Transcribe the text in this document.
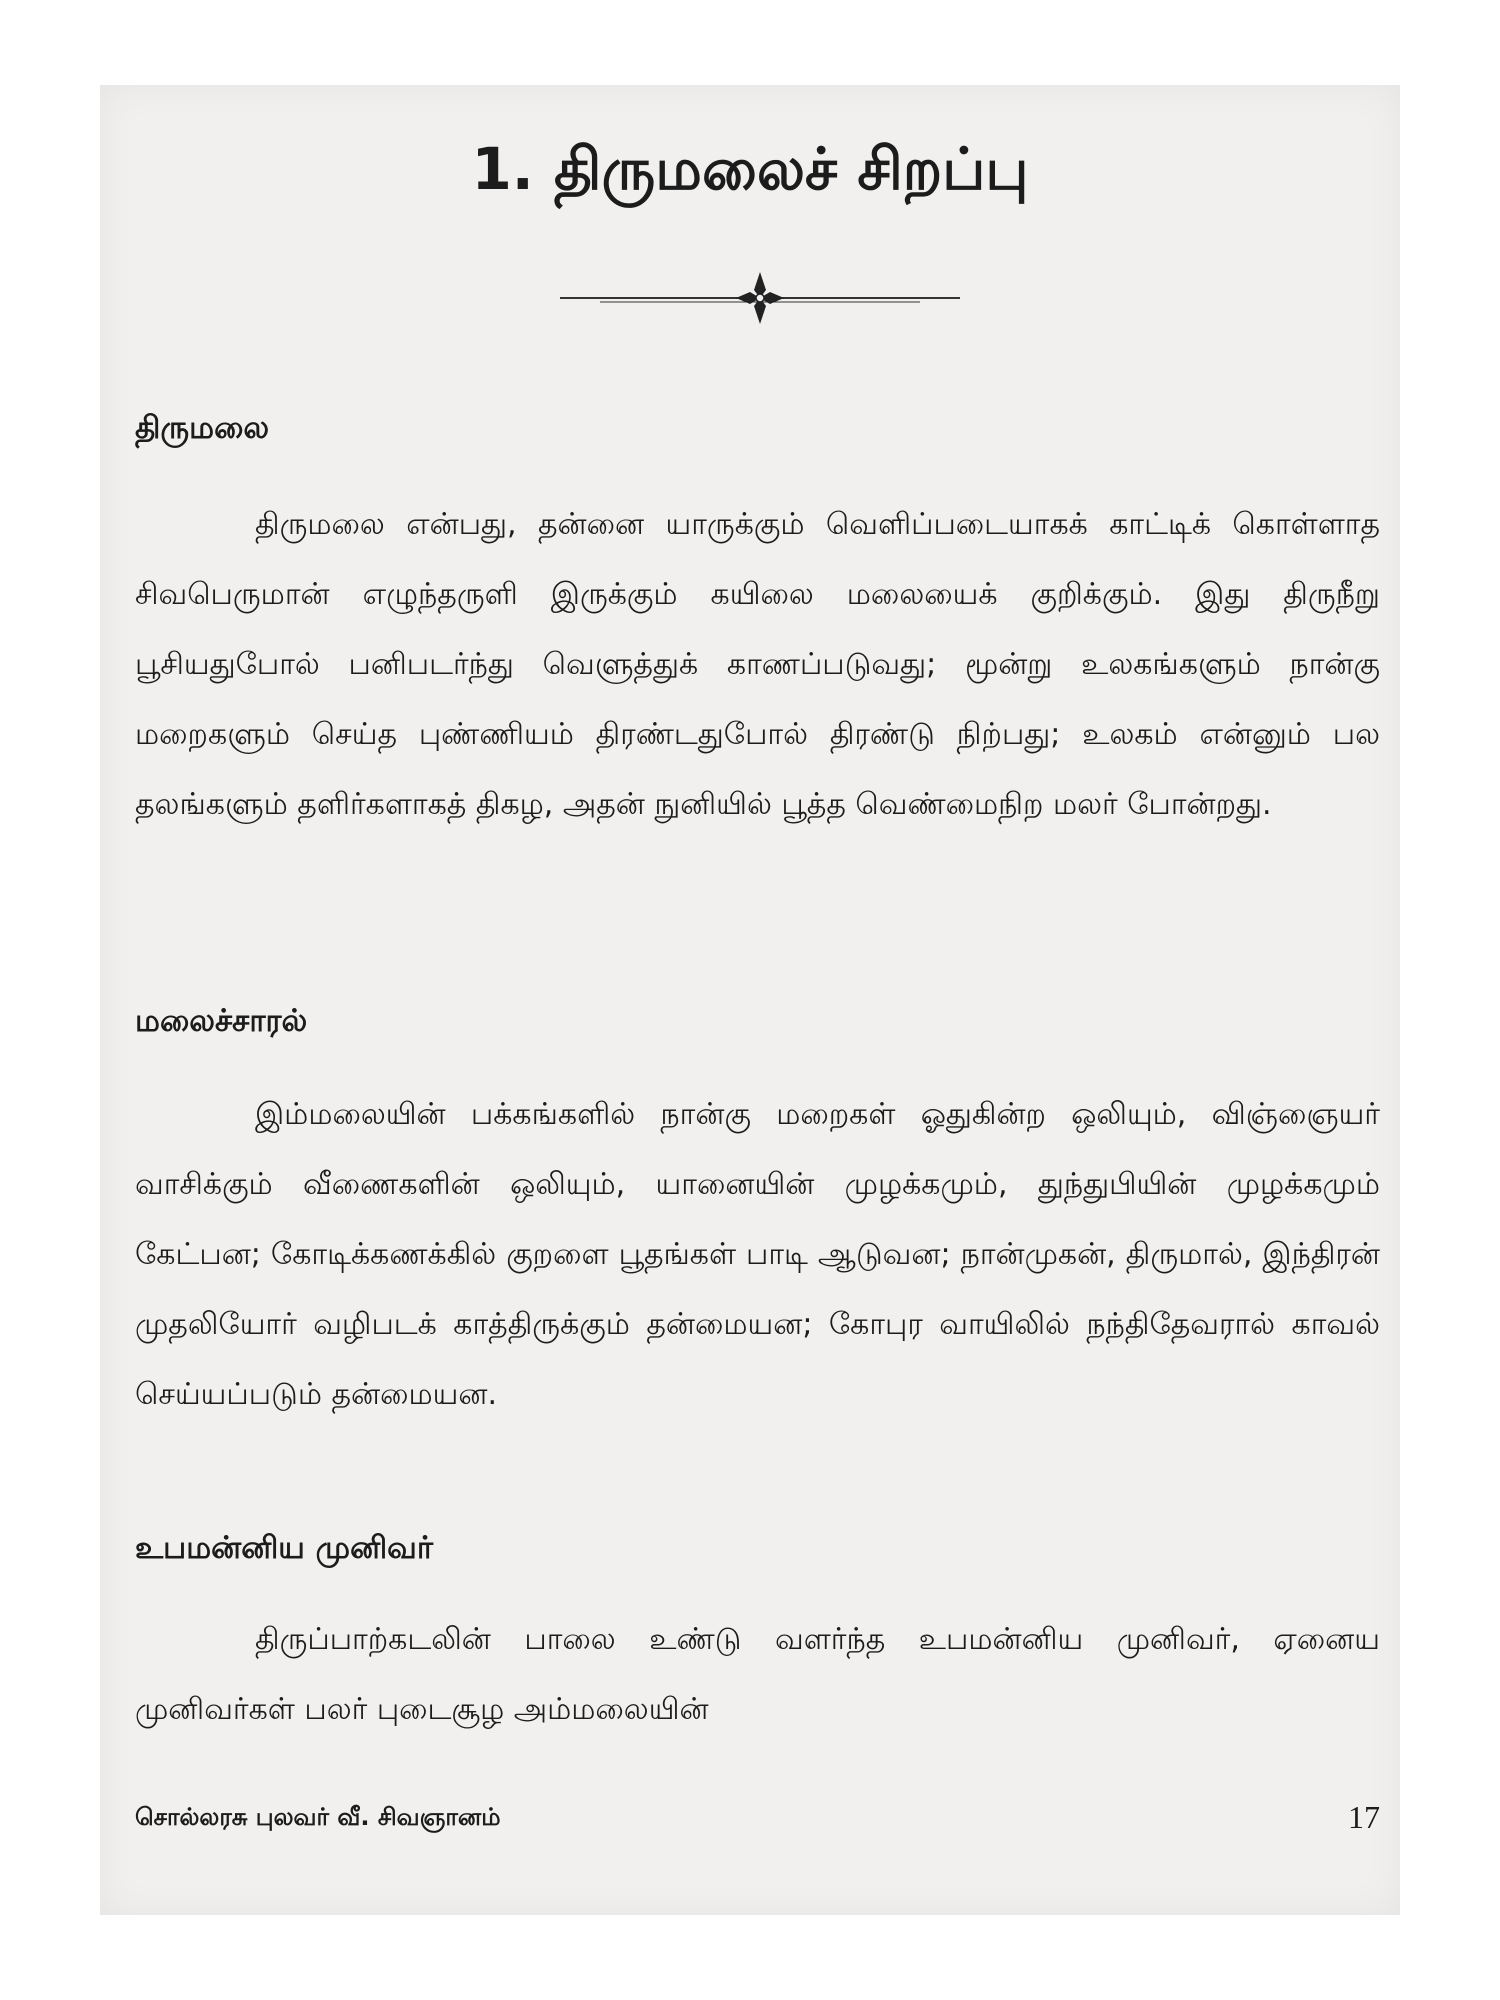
1. திருமலைச் சிறப்பு
திருமலை

திருமலை என்பது, தன்னை யாருக்கும் வெளிப்படையாகக் காட்டிக் கொள்ளாத சிவபெருமான் எழுந்தருளி இருக்கும் கயிலை மலையைக் குறிக்கும். இது திருநீறு பூசியதுபோல் பனிபடர்ந்து வெளுத்துக் காணப்படுவது; மூன்று உலகங்களும் நான்கு மறைகளும் செய்த புண்ணியம் திரண்டதுபோல் திரண்டு நிற்பது; உலகம் என்னும் பல தலங்களும் தளிர்களாகத் திகழ, அதன் நுனியில் பூத்த வெண்மைநிற மலர் போன்றது.

மலைச்சாரல்

இம்மலையின் பக்கங்களில் நான்கு மறைகள் ஓதுகின்ற ஒலியும், விஞ்ஞையர் வாசிக்கும் வீணைகளின் ஒலியும், யானையின் முழக்கமும், துந்துபியின் முழக்கமும் கேட்பன; கோடிக்கணக்கில் குறளை பூதங்கள் பாடி ஆடுவன; நான்முகன், திருமால், இந்திரன் முதலியோர் வழிபடக் காத்திருக்கும் தன்மையன; கோபுர வாயிலில் நந்திதேவரால் காவல் செய்யப்படும் தன்மையன.

உபமன்னிய முனிவர்

திருப்பாற்கடலின் பாலை உண்டு வளர்ந்த உபமன்னிய முனிவர், ஏனைய முனிவர்கள் பலர் புடைசூழ அம்மலையின்

சொல்லரசு புலவர் வீ. சிவஞானம்	17
